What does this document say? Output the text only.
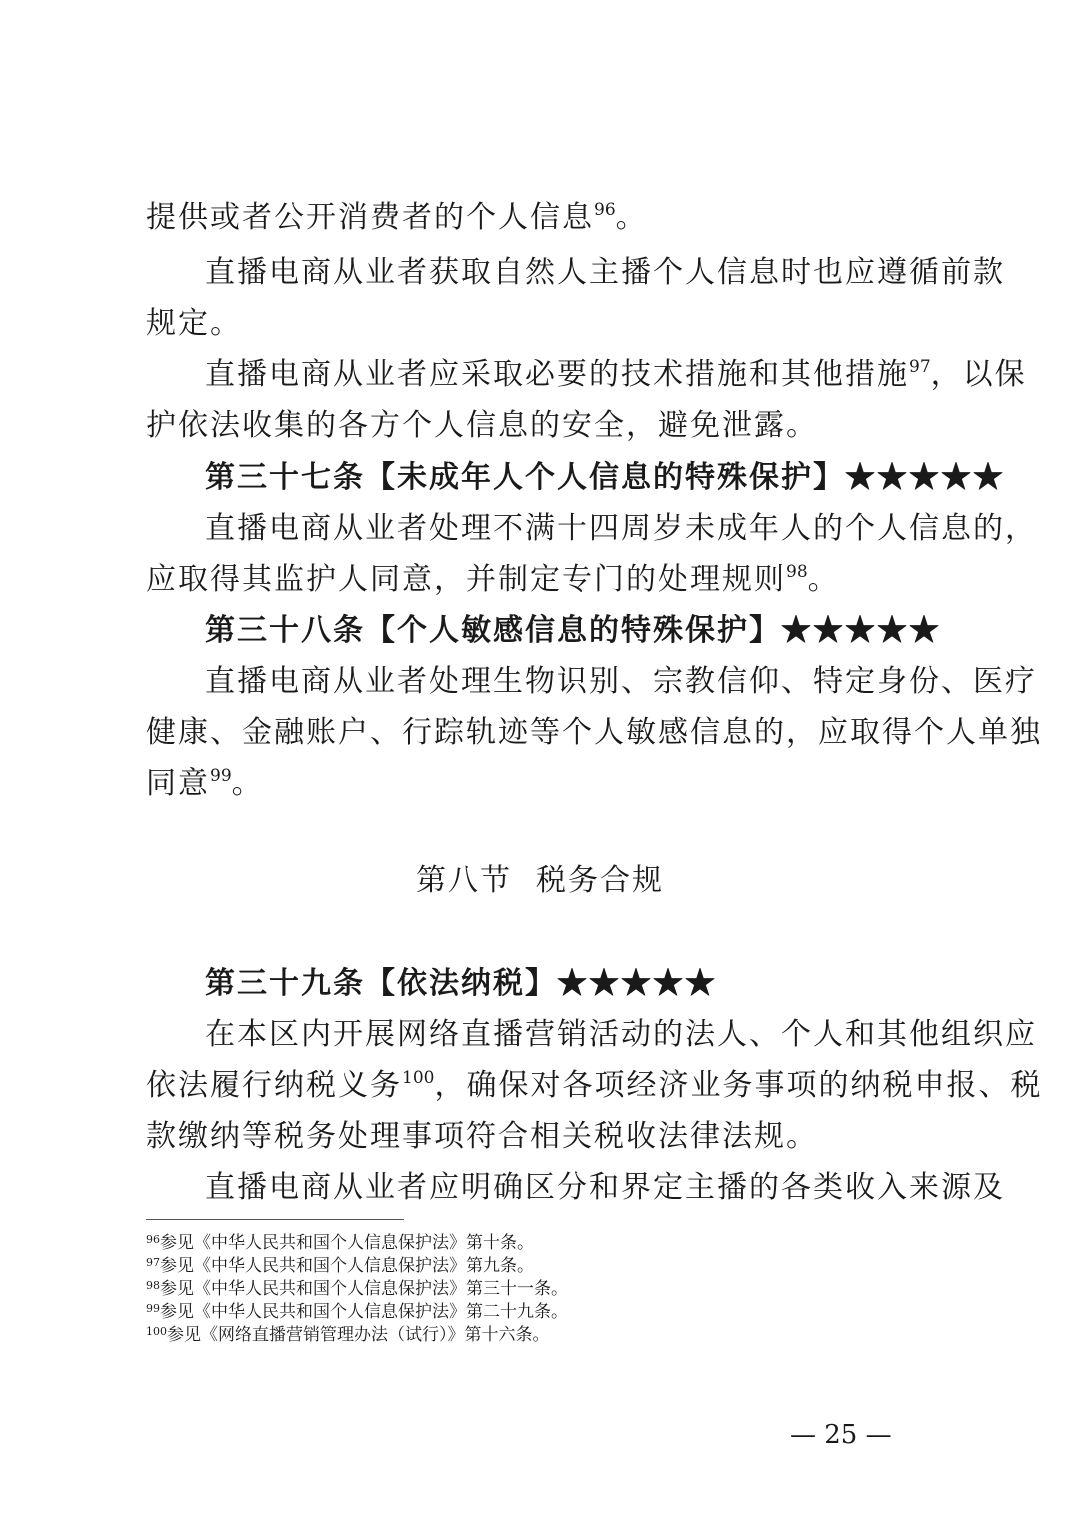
提供或者公开消费者的个人信息$^{96}$。
直播电商从业者获取自然人主播个人信息时也应遵循前款
规定。
直播电商从业者应采取必要的技术措施和其他措施$^{97}$，以保
护依法收集的各方个人信息的安全，避免泄露。
第三十七条【未成年人个人信息的特殊保护】★★★★★
直播电商从业者处理不满十四周岁未成年人的个人信息的，
应取得其监护人同意，并制定专门的处理规则$^{98}$。
第三十八条【个人敏感信息的特殊保护】★★★★★
直播电商从业者处理生物识别、宗教信仰、特定身份、医疗
健康、金融账户、行踪轨迹等个人敏感信息的，应取得个人单独
同意$^{99}$。
第八节 税务合规
第三十九条【依法纳税】★★★★★
在本区内开展网络直播营销活动的法人、个人和其他组织应
依法履行纳税义务$^{100}$，确保对各项经济业务事项的纳税申报、税
款缴纳等税务处理事项符合相关税收法律法规。
直播电商从业者应明确区分和界定主播的各类收入来源及
$^{96}$参见《中华人民共和国个人信息保护法》第十条。
$^{97}$参见《中华人民共和国个人信息保护法》第九条。
$^{98}$参见《中华人民共和国个人信息保护法》第三十一条。
$^{99}$参见《中华人民共和国个人信息保护法》第二十九条。
$^{100}$参见《网络直播营销管理办法（试行）》第十六条。
— 25 —
